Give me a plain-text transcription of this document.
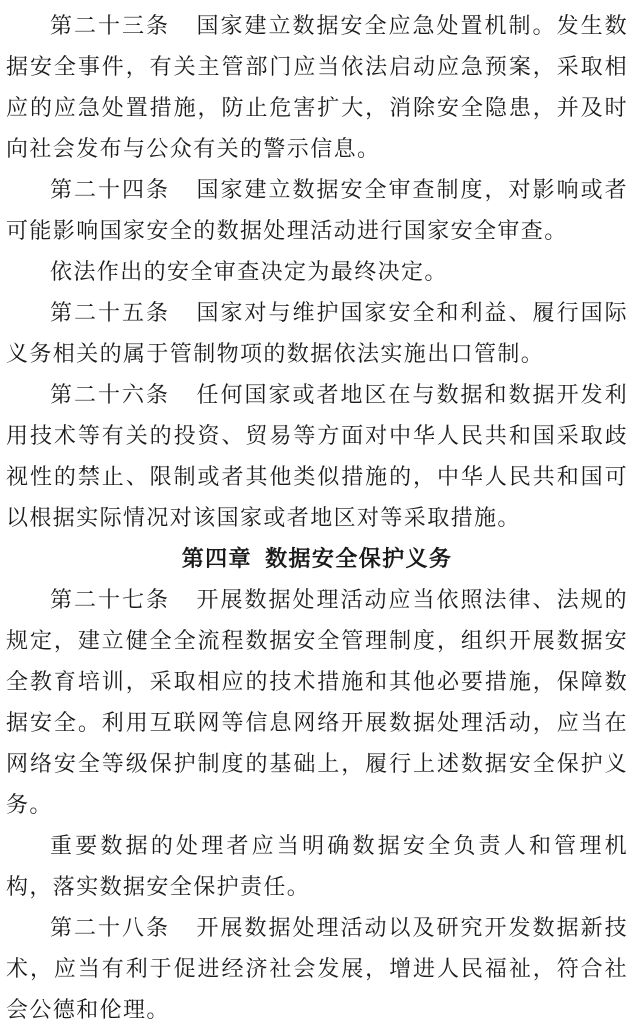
第二十三条 国家建立数据安全应急处置机制。发生数据安全事件，有关主管部门应当依法启动应急预案，采取相应的应急处置措施，防止危害扩大，消除安全隐患，并及时向社会发布与公众有关的警示信息。

第二十四条 国家建立数据安全审查制度，对影响或者可能影响国家安全的数据处理活动进行国家安全审查。

依法作出的安全审查决定为最终决定。

第二十五条 国家对与维护国家安全和利益、履行国际义务相关的属于管制物项的数据依法实施出口管制。

第二十六条 任何国家或者地区在与数据和数据开发利用技术等有关的投资、贸易等方面对中华人民共和国采取歧视性的禁止、限制或者其他类似措施的，中华人民共和国可以根据实际情况对该国家或者地区对等采取措施。

第四章 数据安全保护义务

第二十七条 开展数据处理活动应当依照法律、法规的规定，建立健全全流程数据安全管理制度，组织开展数据安全教育培训，采取相应的技术措施和其他必要措施，保障数据安全。利用互联网等信息网络开展数据处理活动，应当在网络安全等级保护制度的基础上，履行上述数据安全保护义务。

重要数据的处理者应当明确数据安全负责人和管理机构，落实数据安全保护责任。

第二十八条 开展数据处理活动以及研究开发数据新技术，应当有利于促进经济社会发展，增进人民福祉，符合社会公德和伦理。
